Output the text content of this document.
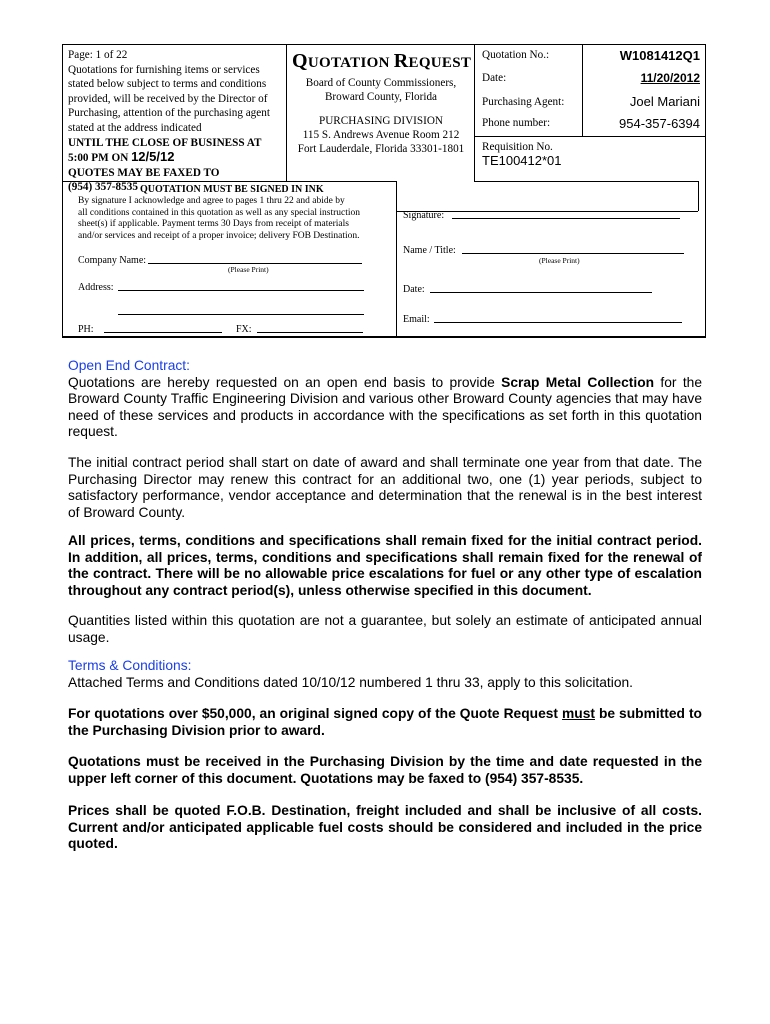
Page: 1 of 22
Quotations for furnishing items or services
stated below subject to terms and conditions
provided, will be received by the Director of
Purchasing, attention of the purchasing agent
stated at the address indicated
UNTIL THE CLOSE OF BUSINESS AT
5:00 PM ON 12/5/12
QUOTES MAY BE FAXED TO
(954) 357-8535
QUOTATION REQUEST
Board of County Commissioners,
Broward County, Florida
PURCHASING DIVISION
115 S. Andrews Avenue Room 212
Fort Lauderdale, Florida 33301-1801
Quotation No.:	W1081412Q1
Date:	11/20/2012
Purchasing Agent:	Joel Mariani
Phone number:	954-357-6394
Requisition No.
TE100412*01
QUOTATION MUST BE SIGNED IN INK
By signature I acknowledge and agree to pages 1 thru 22 and abide by
all conditions contained in this quotation as well as any special instruction
sheet(s) if applicable. Payment terms 30 Days from receipt of materials
and/or services and receipt of a proper invoice; delivery FOB Destination.
Company Name:
(Please Print)
Address:
PH:	FX:
Signature:
Name / Title:
(Please Print)
Date:
Email:
Open End Contract:
Quotations are hereby requested on an open end basis to provide Scrap Metal Collection for the Broward County Traffic Engineering Division and various other Broward County agencies that may have need of these services and products in accordance with the specifications as set forth in this quotation request.
The initial contract period shall start on date of award and shall terminate one year from that date. The Purchasing Director may renew this contract for an additional two, one (1) year periods, subject to satisfactory performance, vendor acceptance and determination that the renewal is in the best interest of Broward County.
All prices, terms, conditions and specifications shall remain fixed for the initial contract period. In addition, all prices, terms, conditions and specifications shall remain fixed for the renewal of the contract. There will be no allowable price escalations for fuel or any other type of escalation throughout any contract period(s), unless otherwise specified in this document.
Quantities listed within this quotation are not a guarantee, but solely an estimate of anticipated annual usage.
Terms & Conditions:
Attached Terms and Conditions dated 10/10/12 numbered 1 thru 33, apply to this solicitation.
For quotations over $50,000, an original signed copy of the Quote Request must be submitted to the Purchasing Division prior to award.
Quotations must be received in the Purchasing Division by the time and date requested in the upper left corner of this document. Quotations may be faxed to (954) 357-8535.
Prices shall be quoted F.O.B. Destination, freight included and shall be inclusive of all costs. Current and/or anticipated applicable fuel costs should be considered and included in the price quoted.
